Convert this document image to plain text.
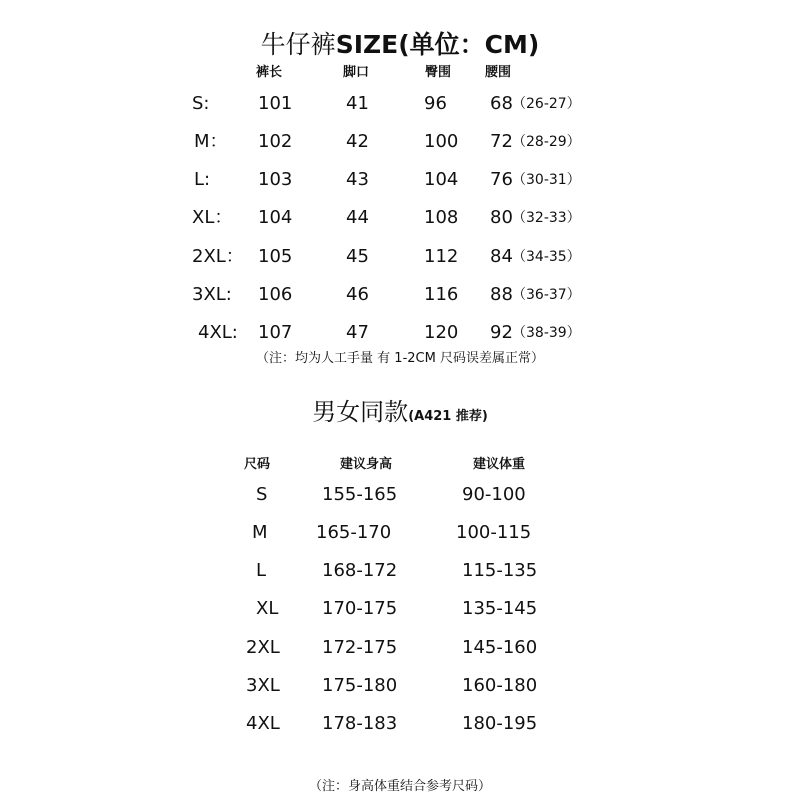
牛仔裤SIZE(单位：CM)
裤长	脚口	臀围	腰围
S:	101	41	96 68 （26-27）
M： 102	42	100 72 （28-29）
L:	103	43	104 76 （30-31）
XL： 104	44	108 80 （32-33）
2XL： 105	45	112 84 （34-35）
3XL: 106	46	116 88 （36-37）
4XL: 107	47	120 92 （38-39）
（注：均为人工手量 有 1-2CM 尺码误差属正常）
男女同款(A421 推荐)
尺码	建议身高	建议体重
S	155-165	90-100
M	165-170	100-115
L	168-172	115-135
XL 170-175	135-145
2XL 172-175	145-160
3XL 175-180	160-180
4XL 178-183	180-195
（注：身高体重结合参考尺码）
